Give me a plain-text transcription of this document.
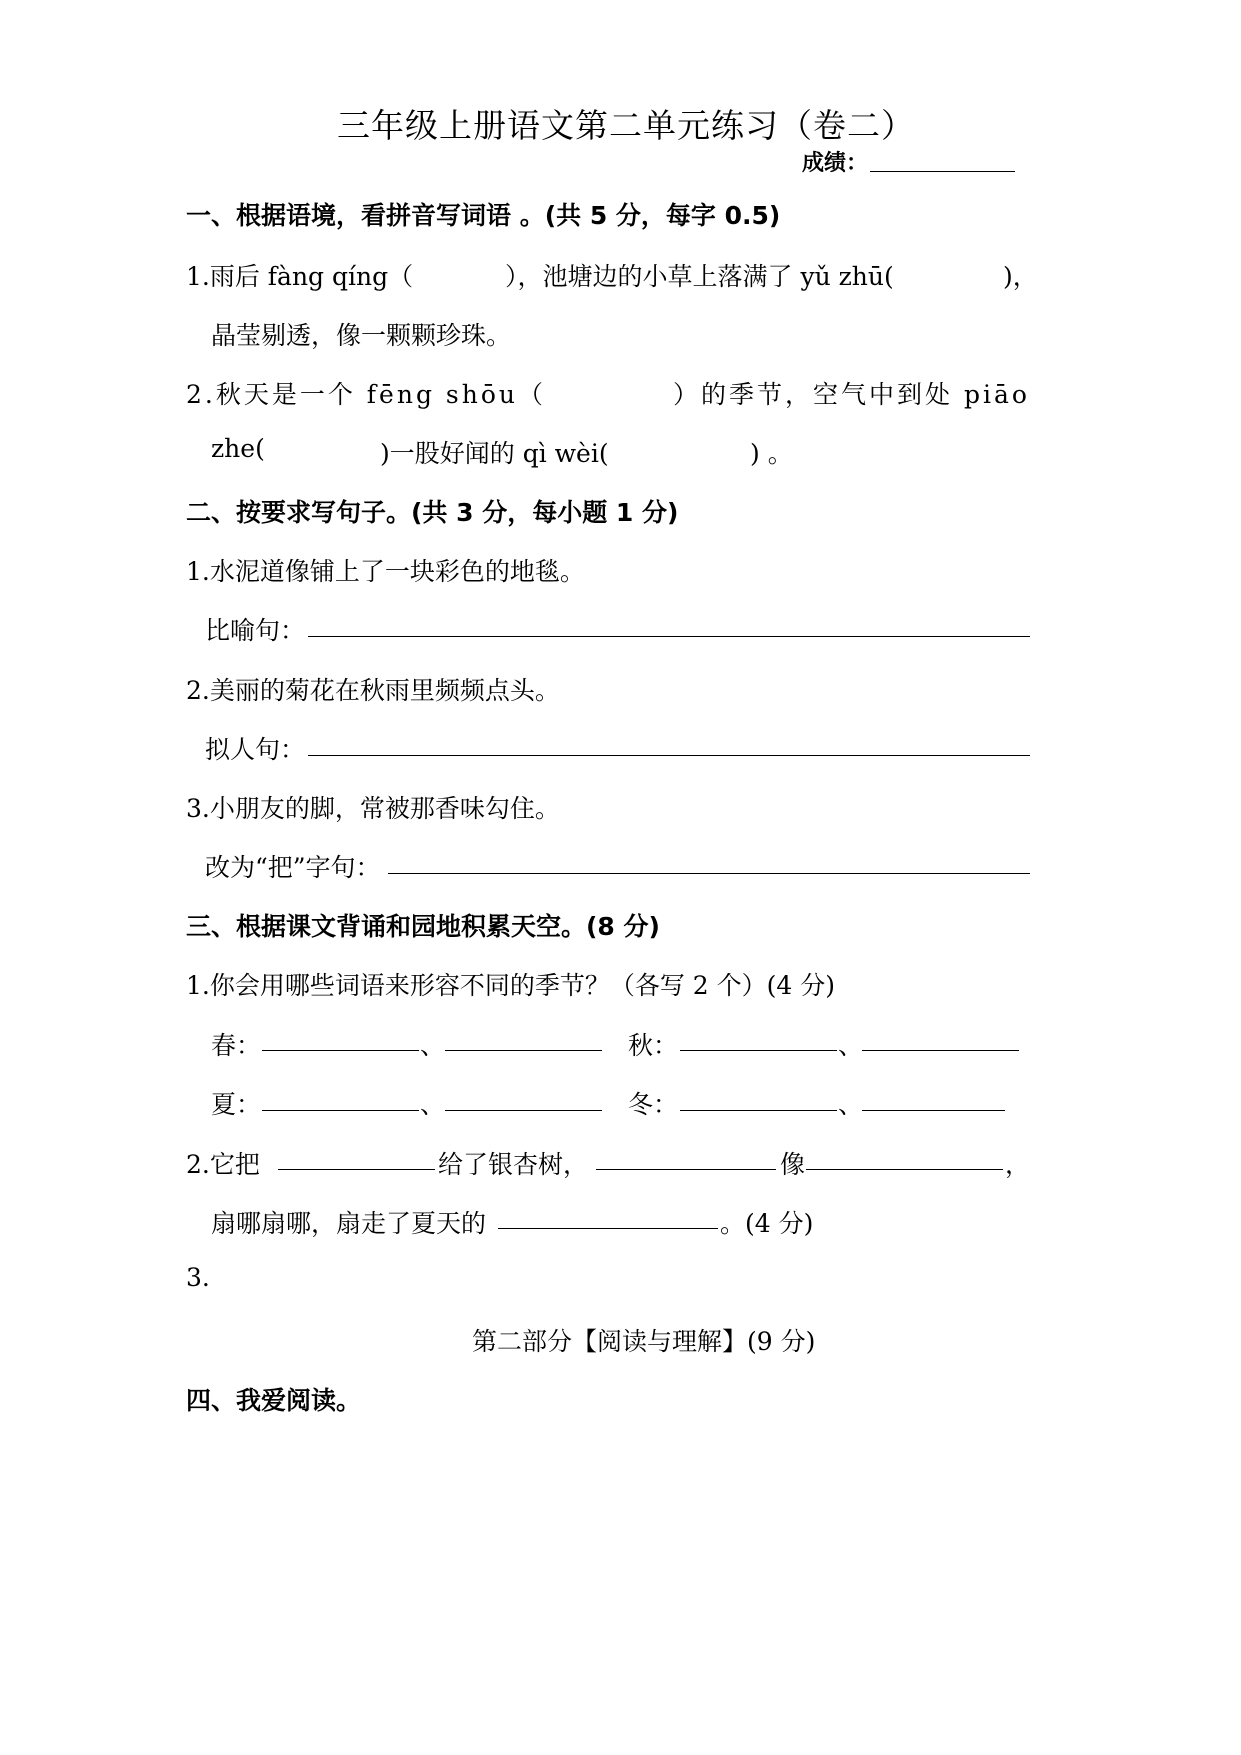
三年级上册语文第二单元练习（卷二）
成绩：
一、根据语境，看拼音写词语 。(共 5 分，每字 0.5)
1.雨后 fàng qíng（	），池塘边的小草上落满了 yǔ zhū(	)，
晶莹剔透，像一颗颗珍珠。
2.秋天是一个 fēng shōu（	）的季节，空气中到处 piāo
zhe(	)一股好闻的 qì wèi(	) 。
二、按要求写句子。(共 3 分，每小题 1 分)
1.水泥道像铺上了一块彩色的地毯。
比喻句：
2.美丽的菊花在秋雨里频频点头。
拟人句：
3.小朋友的脚，常被那香味勾住。
改为“把”字句：
三、根据课文背诵和园地积累天空。(8 分)
1.你会用哪些词语来形容不同的季节？（各写 2 个）(4 分)
春：	、	秋：	、
夏：	、	冬：	、
2.它把	给了银杏树，	像	，
扇哪扇哪，扇走了夏天的	。(4 分)
3.
第二部分【阅读与理解】(9 分)
四、我爱阅读。
